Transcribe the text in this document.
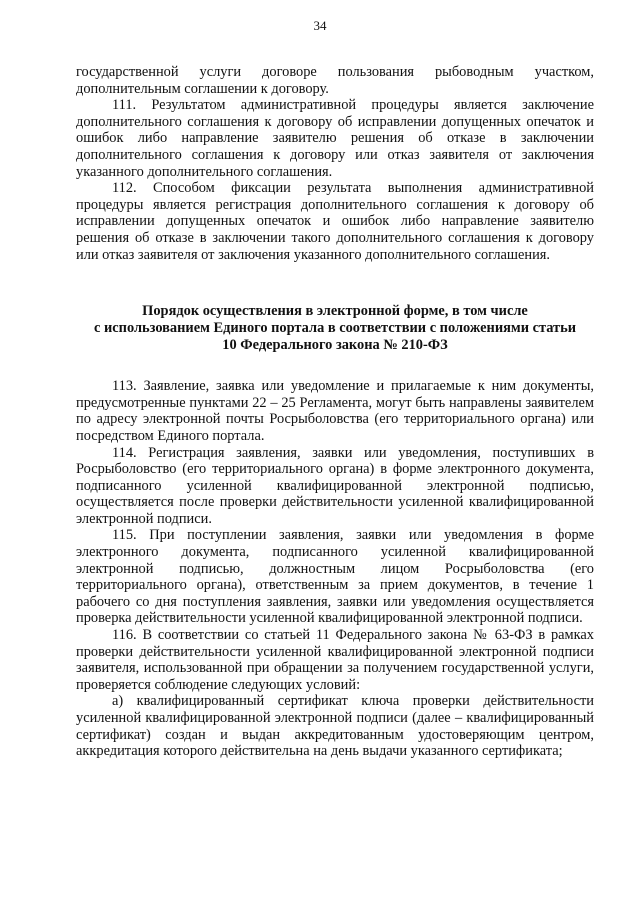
34

государственной услуги договоре пользования рыбоводным участком, дополнительным соглашении к договору.

111. Результатом административной процедуры является заключение дополнительного соглашения к договору об исправлении допущенных опечаток и ошибок либо направление заявителю решения об отказе в заключении дополнительного соглашения к договору или отказ заявителя от заключения указанного дополнительного соглашения.

112. Способом фиксации результата выполнения административной процедуры является регистрация дополнительного соглашения к договору об исправлении допущенных опечаток и ошибок либо направление заявителю решения об отказе в заключении такого дополнительного соглашения к договору или отказ заявителя от заключения указанного дополнительного соглашения.

Порядок осуществления в электронной форме, в том числе
с использованием Единого портала в соответствии с положениями статьи
10 Федерального закона № 210-ФЗ

113. Заявление, заявка или уведомление и прилагаемые к ним документы, предусмотренные пунктами 22 – 25 Регламента, могут быть направлены заявителем по адресу электронной почты Росрыболовства (его территориального органа) или посредством Единого портала.

114. Регистрация заявления, заявки или уведомления, поступивших в Росрыболовство (его территориального органа) в форме электронного документа, подписанного усиленной квалифицированной электронной подписью, осуществляется после проверки действительности усиленной квалифицированной электронной подписи.

115. При поступлении заявления, заявки или уведомления в форме электронного документа, подписанного усиленной квалифицированной электронной подписью, должностным лицом Росрыболовства (его территориального органа), ответственным за прием документов, в течение 1 рабочего со дня поступления заявления, заявки или уведомления осуществляется проверка действительности усиленной квалифицированной электронной подписи.

116. В соответствии со статьей 11 Федерального закона № 63-ФЗ в рамках проверки действительности усиленной квалифицированной электронной подписи заявителя, использованной при обращении за получением государственной услуги, проверяется соблюдение следующих условий:

а) квалифицированный сертификат ключа проверки действительности усиленной квалифицированной электронной подписи (далее – квалифицированный сертификат) создан и выдан аккредитованным удостоверяющим центром, аккредитация которого действительна на день выдачи указанного сертификата;
